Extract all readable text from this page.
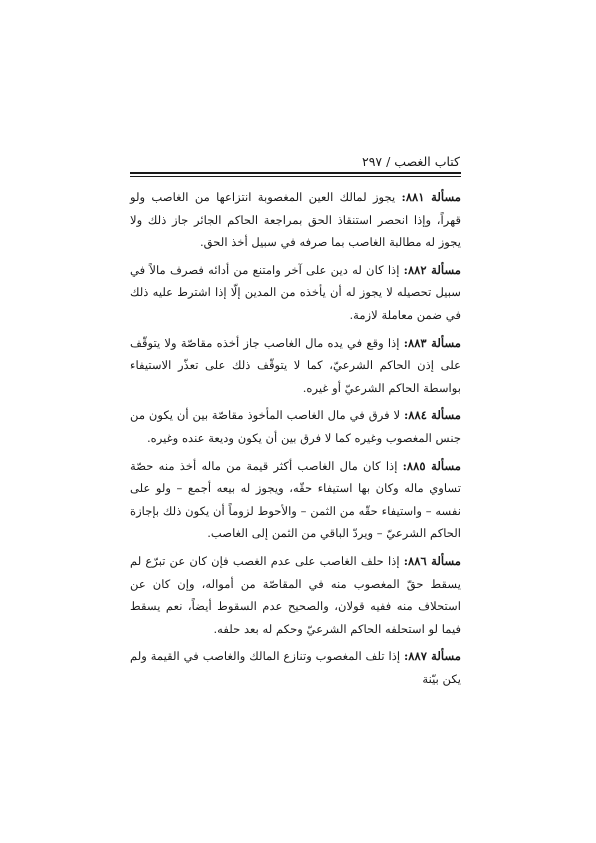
كتاب الغصب / ٢٩٧

مسألة ٨٨١: يجوز لمالك العين المغصوبة انتزاعها من الغاصب ولو قهراً، وإذا انحصر استنقاذ الحق بمراجعة الحاكم الجائر جاز ذلك ولا يجوز له مطالبة الغاصب بما صرفه في سبيل أخذ الحق.

مسألة ٨٨٢: إذا كان له دين على آخر وامتنع من أدائه فصرف مالاً في سبيل تحصيله لا يجوز له أن يأخذه من المدين إلّا إذا اشترط عليه ذلك في ضمن معاملة لازمة.

مسألة ٨٨٣: إذا وقع في يده مال الغاصب جاز أخذه مقاصّة ولا يتوقّف على إذن الحاكم الشرعيّ، كما لا يتوقّف ذلك على تعذّر الاستيفاء بواسطة الحاكم الشرعيّ أو غيره.

مسألة ٨٨٤: لا فرق في مال الغاصب المأخوذ مقاصّة بين أن يكون من جنس المغصوب وغيره كما لا فرق بين أن يكون وديعة عنده وغيره.

مسألة ٨٨٥: إذا كان مال الغاصب أكثر قيمة من ماله أخذ منه حصّة تساوي ماله وكان بها استيفاء حقّه، ويجوز له بيعه أجمع – ولو على نفسه – واستيفاء حقّه من الثمن – والأحوط لزوماً أن يكون ذلك بإجازة الحاكم الشرعيّ – ويردّ الباقي من الثمن إلى الغاصب.

مسألة ٨٨٦: إذا حلف الغاصب على عدم الغصب فإن كان عن تبرّع لم يسقط حقّ المغصوب منه في المقاصّة من أمواله، وإن كان عن استحلاف منه ففيه قولان، والصحيح عدم السقوط أيضاً، نعم يسقط فيما لو استحلفه الحاكم الشرعيّ وحكم له بعد حلفه.

مسألة ٨٨٧: إذا تلف المغصوب وتنازع المالك والغاصب في القيمة ولم يكن بيّنة
